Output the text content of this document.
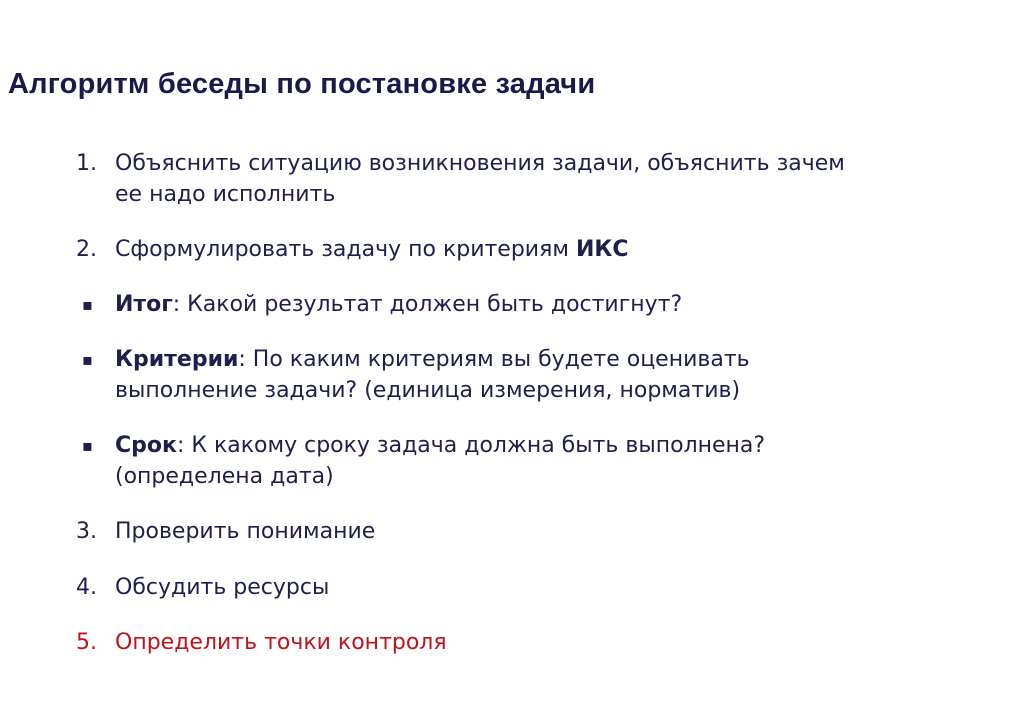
Алгоритм беседы по постановке задачи
1. Объяснить ситуацию возникновения задачи, объяснить зачем
ее надо исполнить
2. Сформулировать задачу по критериям ИКС
▪ Итог: Какой результат должен быть достигнут?
▪ Критерии: По каким критериям вы будете оценивать
выполнение задачи? (единица измерения, норматив)
▪ Срок: К какому сроку задача должна быть выполнена?
(определена дата)
3. Проверить понимание
4. Обсудить ресурсы
5. Определить точки контроля
